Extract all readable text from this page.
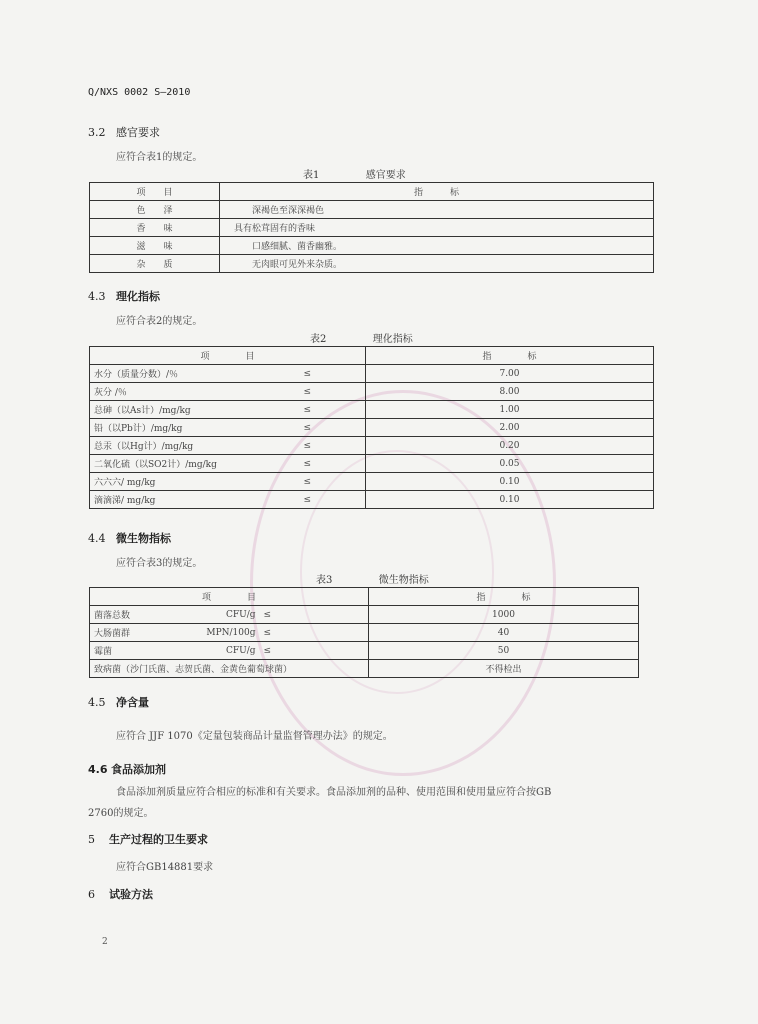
Q/NXS 0002 S—2010
3.2 感官要求
应符合表1的规定。
表1	感官要求
项　　目	指　　　标
色　　泽	深褐色至深深褐色
香　　味	具有松茸固有的香味
滋　　味	口感细腻、菌香幽雅。
杂　　质	无肉眼可见外来杂质。
4.3 理化指标
应符合表2的规定。
表2	理化指标
项　　　　目		指　　　　标
水分（质量分数）/％	≤	7.00
灰分 /％	≤	8.00
总砷（以As计）/mg/kg	≤	1.00
铅（以Pb计）/mg/kg	≤	2.00
总汞（以Hg计）/mg/kg	≤	0.20
二氧化硫（以SO2计）/mg/kg	≤	0.05
六六六/ mg/kg	≤	0.10
滴滴涕/ mg/kg	≤	0.10
4.4 微生物指标
应符合表3的规定。
表3	微生物指标
项　　　　目			指　　　　标
菌落总数	CFU/g	≤	1000
大肠菌群	MPN/100g	≤	40
霉菌	CFU/g	≤	50
致病菌（沙门氏菌、志贺氏菌、金黄色葡萄球菌）			不得检出
4.5 净含量
应符合 JJF 1070《定量包装商品计量监督管理办法》的规定。
4.6 食品添加剂
食品添加剂质量应符合相应的标准和有关要求。食品添加剂的品种、使用范围和使用量应符合按GB
2760的规定。
5 生产过程的卫生要求
应符合GB14881要求
6 试验方法
2
